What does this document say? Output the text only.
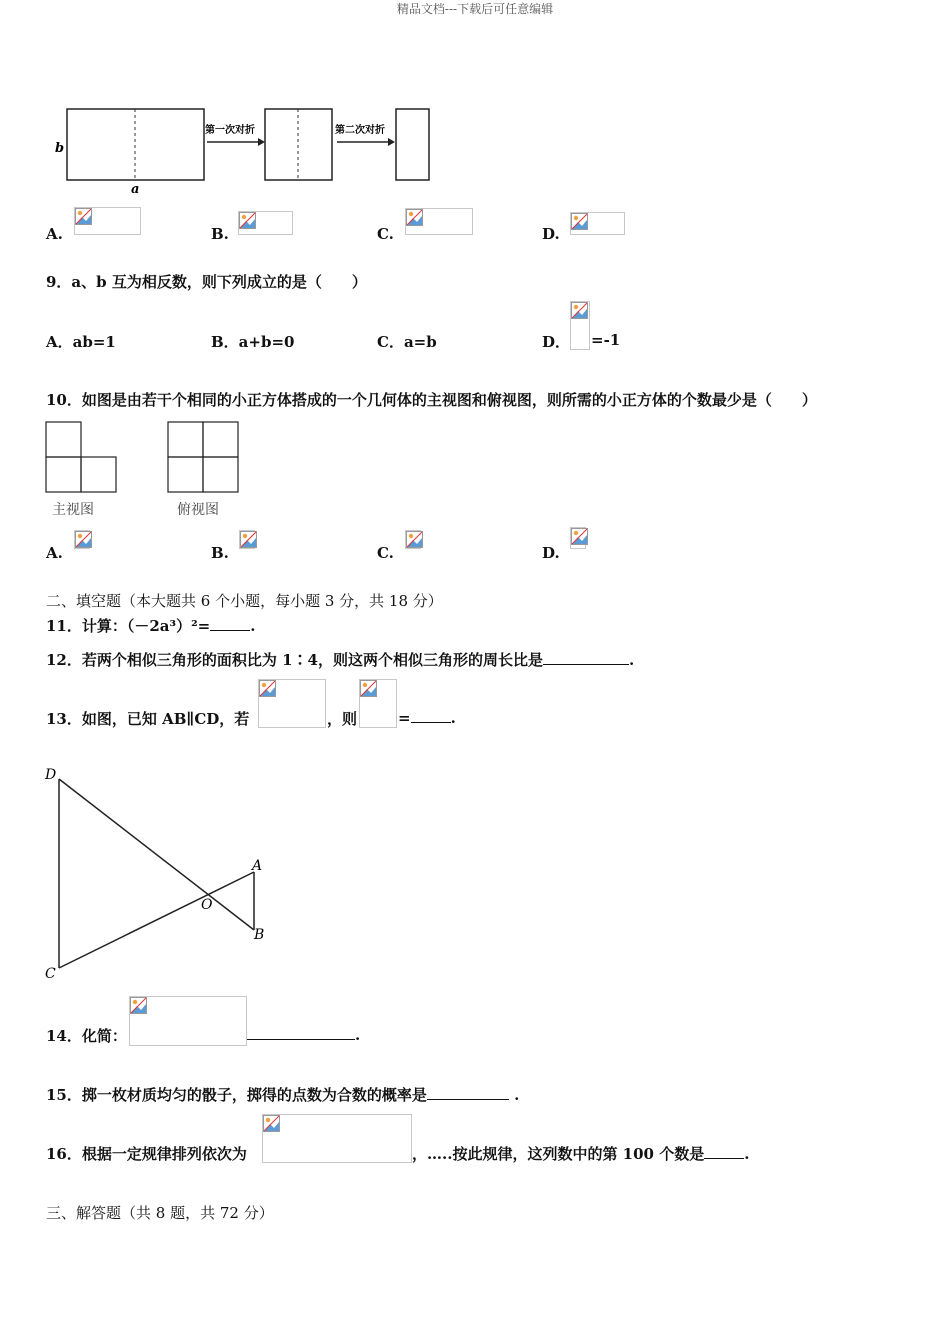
精品文档---下载后可任意编辑
b
a
第一次对折	第二次对折
A.	B.	C.	D.
9．a、b 互为相反数，则下列成立的是（　　）
A．ab=1	B．a+b=0	C．a=b	D． =-1
10．如图是由若干个相同的小正方体搭成的一个几何体的主视图和俯视图，则所需的小正方体的个数最少是（　　）
主视图	俯视图
A.	B.	C.	D.
二、填空题（本大题共 6 个小题，每小题 3 分，共 18 分）
11．计算：（－2a³）²=	.
12．若两个相似三角形的面积比为 1∶4，则这两个相似三角形的周长比是	.
13．如图，已知 AB∥CD，若	，则	=	.
D
A
O
B
C
14．化简：	.
15．掷一枚材质均匀的骰子，掷得的点数为合数的概率是	.
16．根据一定规律排列依次为	，…..按此规律，这列数中的第 100 个数是	.
三、解答题（共 8 题，共 72 分）
